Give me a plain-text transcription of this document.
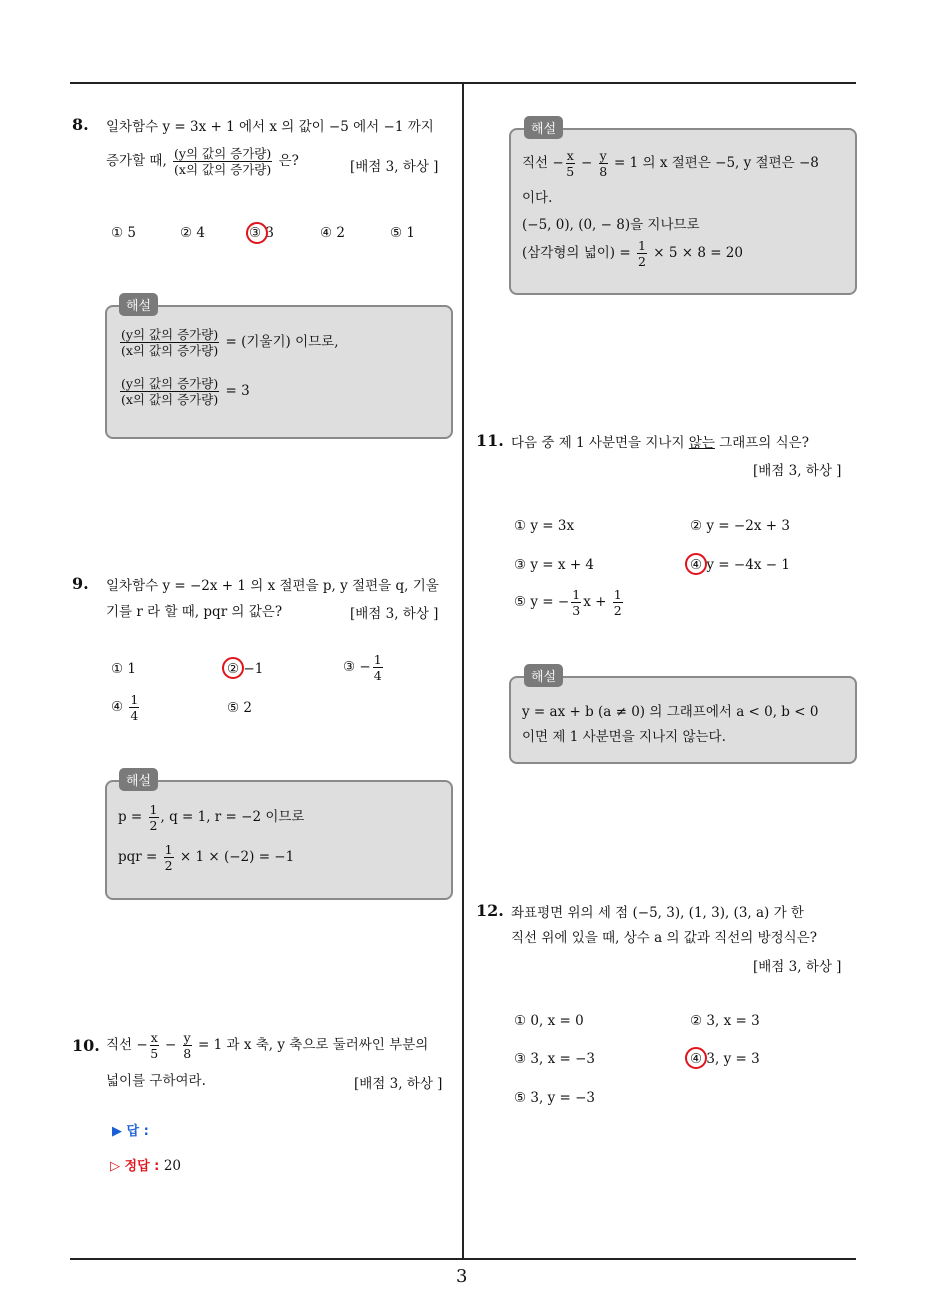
3
8. 일차함수 y = 3x + 1 에서 x 의 값이 −5 에서 −1 까지
증가할 때, $\frac{\text{(y의 값의 증가량)}}{\text{(x의 값의 증가량)}}$ 은?	[배점 3, 하상 ]
① 5	② 4	③ 3	④ 2	⑤ 1
해설
$\frac{\text{(y의 값의 증가량)}}{\text{(x의 값의 증가량)}}$ = (기울기) 이므로,
$\frac{\text{(y의 값의 증가량)}}{\text{(x의 값의 증가량)}} = 3$
9. 일차함수 y = −2x + 1 의 x 절편을 p, y 절편을 q, 기울
기를 r 라 할 때, pqr 의 값은?	[배점 3, 하상 ]
① 1	② −1	③ − $\frac{1}{4}$
④ $\frac{1}{4}$	⑤ 2
해설
$p = \frac{1}{2}$ , q = 1, r = −2 이므로
pqr = $\frac{1}{2} \times 1 \times (-2) = -1$
10. 직선 − $\frac{x}{5} - \frac{y}{8} = 1$ 과 x 축, y 축으로 둘러싸인 부분의
넓이를 구하여라.	[배점 3, 하상 ]
▶ 답 :
▷ 정답 : 20
해설
직선 − $\frac{x}{5} - \frac{y}{8} = 1$ 의 x 절편은 −5, y 절편은 −8
이다.
(−5, 0), (0, − 8)을 지나므로
(삼각형의 넓이) = $\frac{1}{2} \times 5 \times 8 = 20$
11. 다음 중 제 1 사분면을 지나지 않는 그래프의 식은?
[배점 3, 하상 ]
① y = 3x	② y = −2x + 3
③ y = x + 4	④ y = −4x − 1
⑤ y = − $\frac{1}{3}$ $x + \frac{1}{2}$
해설
y = ax + b (a ≠ 0) 의 그래프에서 a < 0, b < 0
이면 제 1 사분면을 지나지 않는다.
12. 좌표평면 위의 세 점 (−5, 3), (1, 3), (3, a) 가 한
직선 위에 있을 때, 상수 a 의 값과 직선의 방정식은?
[배점 3, 하상 ]
① 0, x = 0	② 3, x = 3
③ 3, x = −3	④ 3, y = 3
⑤ 3, y = −3
